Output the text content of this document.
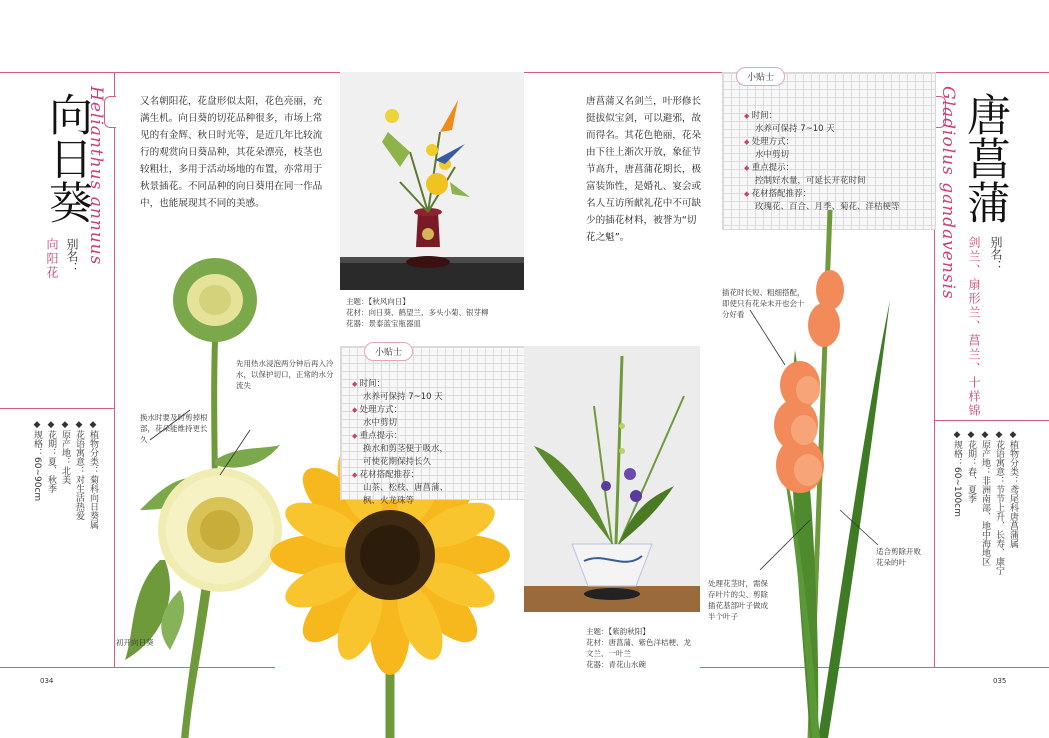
向日葵
Helianthus annuus
别名：
向阳花
又名朝阳花，花盘形似太阳，花色亮丽，充满生机。向日葵的切花品种很多，市场上常见的有金辉、秋日时光等，是近几年比较流行的观赏向日葵品种，其花朵漂亮，枝茎也较粗壮，多用于活动场地的布置，亦常用于秋景插花。不同品种的向日葵用在同一作品中，也能展现其不同的美感。
◆植物分类：菊科向日葵属
◆花语寓意：对生活热爱
◆原产地：北美
◆花期：夏、秋季
◆规格：60~90cm
先用热水浸泡两分钟后再入冷水，以保护切口，正常的水分流失
换水时要及时剪掉根部，花朵能维持更长久
初开向日葵
034
主题：【秋风向日】
花材：向日葵、鹤望兰、多头小菊、银芽柳
花器：景泰蓝宝瓶器皿
小贴士
◆ 时间：
水养可保持 7~10 天
◆ 处理方式：
水中剪切
◆ 重点提示：
换水和剪茎便于吸水，
可使花期保持长久
◆ 花材搭配推荐：
山茶、松枝、唐菖蒲、
枫、火龙珠等
唐菖蒲又名剑兰，叶形修长挺拔似宝剑，可以避邪，故而得名。其花色艳丽，花朵由下往上渐次开放，象征节节高升，唐菖蒲花期长，极富装饰性，是婚礼、宴会或名人互访所献礼花中不可缺少的插花材料，被誉为“切花之魁”。
小贴士
◆ 时间：
水养可保持 7~10 天
◆ 处理方式：
水中剪切
◆ 重点提示：
控制好水量，可延长开花时间
◆ 花材搭配推荐：
玫瑰花、百合、月季、菊花、洋桔梗等
主题：【紫韵秋阳】
花材：唐菖蒲、紫色洋桔梗、龙文兰、一叶兰
花器：青花山水碗
插花时长短、粗细搭配，即使只有花朵未开也会十分好看
适合剪除开败花朵的叶
处理花茎时，需保存叶片的尖、剪除插花基部叶子做成半个叶子
唐菖蒲
Gladiolus gandavensis	别名：
剑兰、扇形兰、菖兰、十样锦
◆植物分类：鸢尾科唐菖蒲属
◆花语寓意：节节上升、长寿、康宁
◆原产地：非洲南部、地中海地区
◆花期：春、夏季
◆规格：60~100cm
035
